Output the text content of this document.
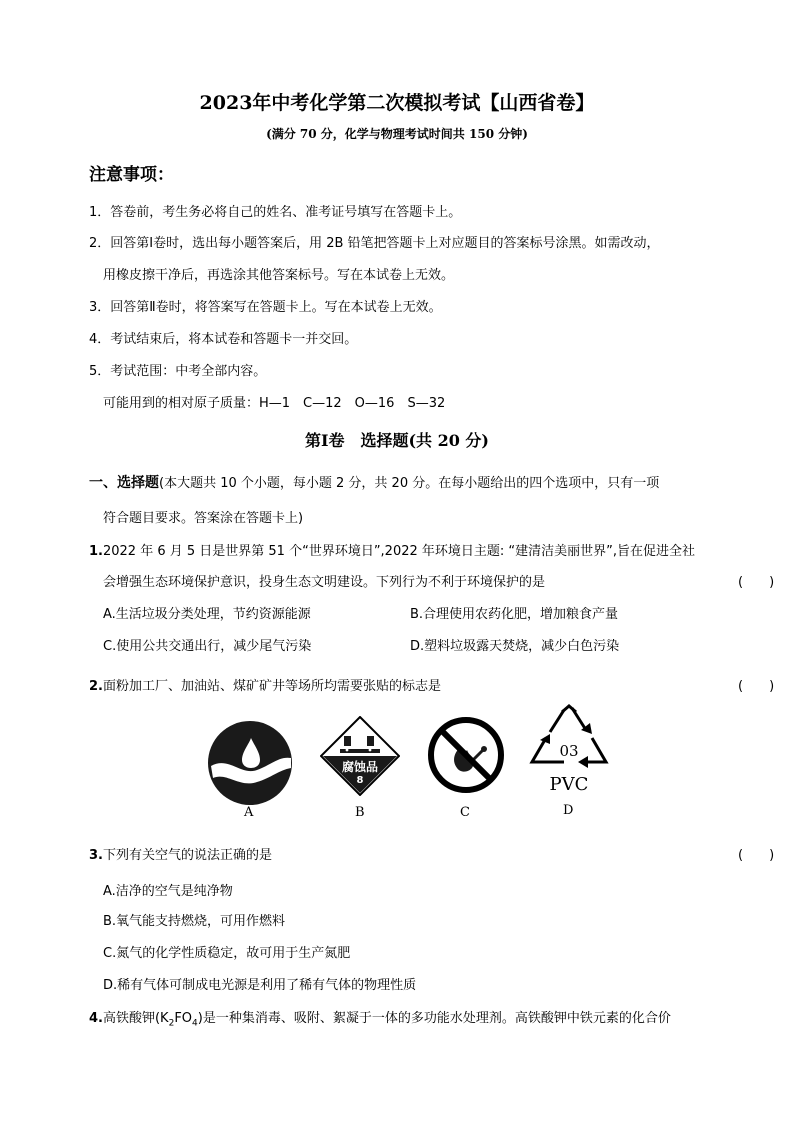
2023年中考化学第二次模拟考试【山西省卷】
(满分 70 分，化学与物理考试时间共 150 分钟)
注意事项：
1．答卷前，考生务必将自己的姓名、准考证号填写在答题卡上。
2．回答第Ⅰ卷时，选出每小题答案后，用 2B 铅笔把答题卡上对应题目的答案标号涂黑。如需改动，
用橡皮擦干净后，再选涂其他答案标号。写在本试卷上无效。
3．回答第Ⅱ卷时，将答案写在答题卡上。写在本试卷上无效。
4．考试结束后，将本试卷和答题卡一并交回。
5．考试范围：中考全部内容。
可能用到的相对原子质量：H—1　C—12　O—16　S—32
第Ⅰ卷　选择题(共 20 分)
一、选择题(本大题共 10 个小题，每小题 2 分，共 20 分。在每小题给出的四个选项中，只有一项
符合题目要求。答案涂在答题卡上)
1.2022 年 6 月 5 日是世界第 51 个“世界环境日”,2022 年环境日主题: “建清洁美丽世界”,旨在促进全社
会增强生态环境保护意识，投身生态文明建设。下列行为不利于环境保护的是	(　　)
A.生活垃圾分类处理，节约资源能源	B.合理使用农药化肥，增加粮食产量
C.使用公共交通出行，减少尾气污染	D.塑料垃圾露天焚烧，减少白色污染
2.面粉加工厂、加油站、煤矿矿井等场所均需要张贴的标志是	(　　)
A
腐蚀品
8
B	C
03
PVC
D
3.下列有关空气的说法正确的是	(　　)
A.洁净的空气是纯净物
B.氧气能支持燃烧，可用作燃料
C.氮气的化学性质稳定，故可用于生产氮肥
D.稀有气体可制成电光源是利用了稀有气体的物理性质
4.高铁酸钾$(K_2FO_4)$是一种集消毒、吸附、絮凝于一体的多功能水处理剂。高铁酸钾中铁元素的化合价
